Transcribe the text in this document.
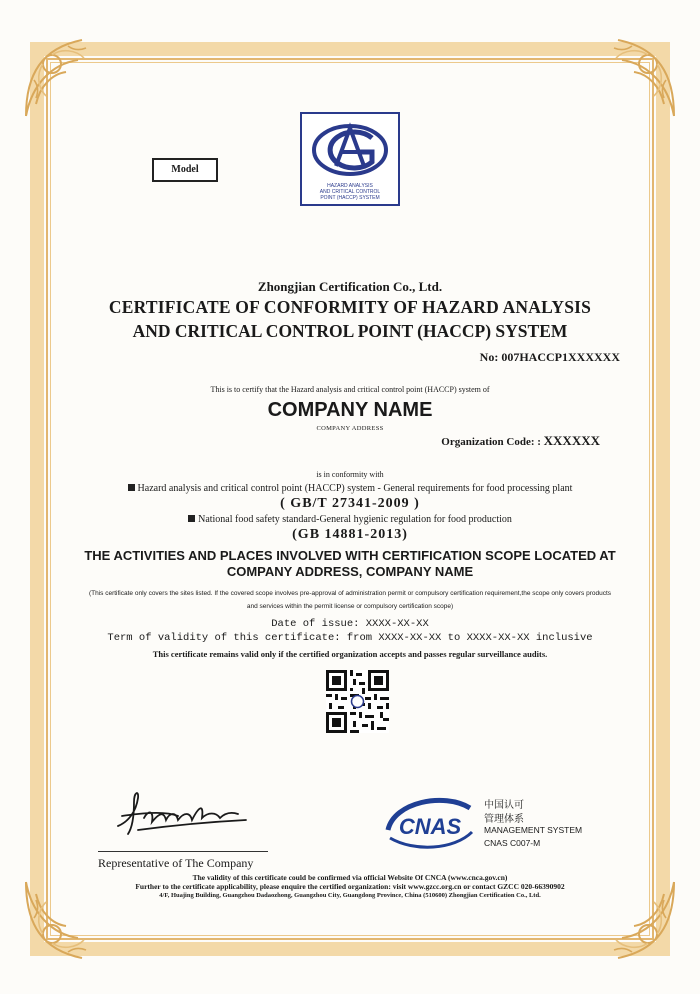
HAZARD ANALYSIS
AND CRITICAL CONTROL
POINT (HACCP) SYSTEM
Model
Zhongjian Certification Co., Ltd.
CERTIFICATE OF CONFORMITY OF HAZARD ANALYSIS
AND CRITICAL CONTROL POINT (HACCP) SYSTEM
No: 007HACCP1XXXXXX
This is to certify that the Hazard analysis and critical control point (HACCP) system of
COMPANY NAME
COMPANY ADDRESS
Organization Code: : XXXXXX
is in conformity with
Hazard analysis and critical control point (HACCP) system - General requirements for food processing plant
( GB/T 27341-2009 )
National food safety standard-General hygienic regulation for food production
(GB 14881-2013)
THE ACTIVITIES AND PLACES INVOLVED WITH CERTIFICATION SCOPE LOCATED AT
COMPANY ADDRESS, COMPANY NAME
(This certificate only covers the sites listed. If the covered scope involves pre-approval of administration permit or compulsory certification requirement,the scope only covers products
and services within the permit license or compulsory certification scope)
Date of issue: XXXX-XX-XX
Term of validity of this certificate: from XXXX-XX-XX to XXXX-XX-XX inclusive
This certificate remains valid only if the certified organization accepts and passes regular surveillance audits.
Representative of The Company
CNAS
中国认可
管理体系
MANAGEMENT SYSTEM
CNAS C007-M
The validity of this certificate could be confirmed via official Website Of CNCA (www.cnca.gov.cn)
Further to the certificate applicability, please enquire the certified organization: visit www.gzcc.org.cn or contact GZCC 020-66390902
4/F, Huajing Building, Guangzhou Dadaozhong, Guangzhou City, Guangdong Province, China (510600) Zhongjian Certification Co., Ltd.
